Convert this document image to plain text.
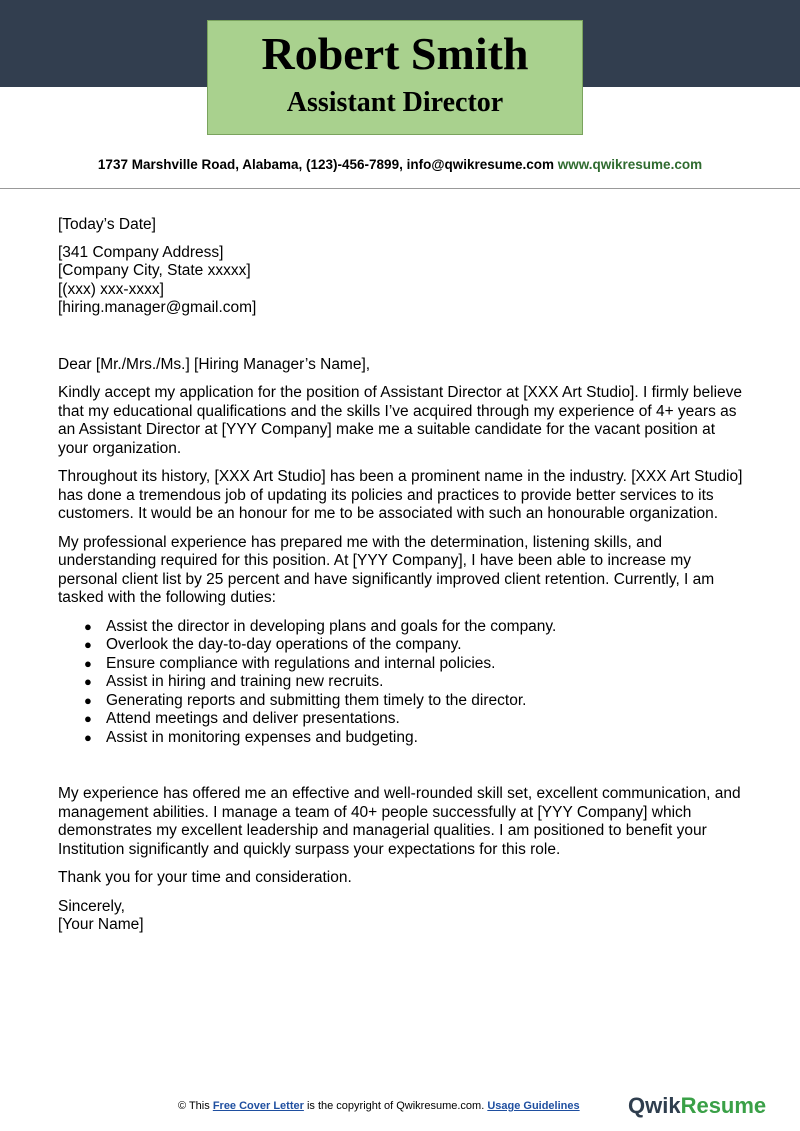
Robert Smith
Assistant Director
1737 Marshville Road, Alabama, (123)-456-7899, info@qwikresume.com www.qwikresume.com

[Today’s Date]

[341 Company Address]

[Company City, State xxxxx]

[(xxx) xxx-xxxx]

[hiring.manager@gmail.com]

Dear [Mr./Mrs./Ms.] [Hiring Manager’s Name],

Kindly accept my application for the position of Assistant Director at [XXX Art Studio]. I firmly believe that my educational qualifications and the skills I’ve acquired through my experience of 4+ years as an Assistant Director at [YYY Company] make me a suitable candidate for the vacant position at your organization.

Throughout its history, [XXX Art Studio] has been a prominent name in the industry. [XXX Art Studio] has done a tremendous job of updating its policies and practices to provide better services to its customers. It would be an honour for me to be associated with such an honourable organization.

My professional experience has prepared me with the determination, listening skills, and understanding required for this position. At [YYY Company], I have been able to increase my personal client list by 25 percent and have significantly improved client retention. Currently, I am tasked with the following duties:

● Assist the director in developing plans and goals for the company.
● Overlook the day-to-day operations of the company.
● Ensure compliance with regulations and internal policies.
● Assist in hiring and training new recruits.
● Generating reports and submitting them timely to the director.
● Attend meetings and deliver presentations.
● Assist in monitoring expenses and budgeting.

My experience has offered me an effective and well-rounded skill set, excellent communication, and management abilities. I manage a team of 40+ people successfully at [YYY Company] which demonstrates my excellent leadership and managerial qualities. I am positioned to benefit your Institution significantly and quickly surpass your expectations for this role.

Thank you for your time and consideration.

Sincerely,

[Your Name]

© This Free Cover Letter is the copyright of Qwikresume.com. Usage Guidelines QwikResume
